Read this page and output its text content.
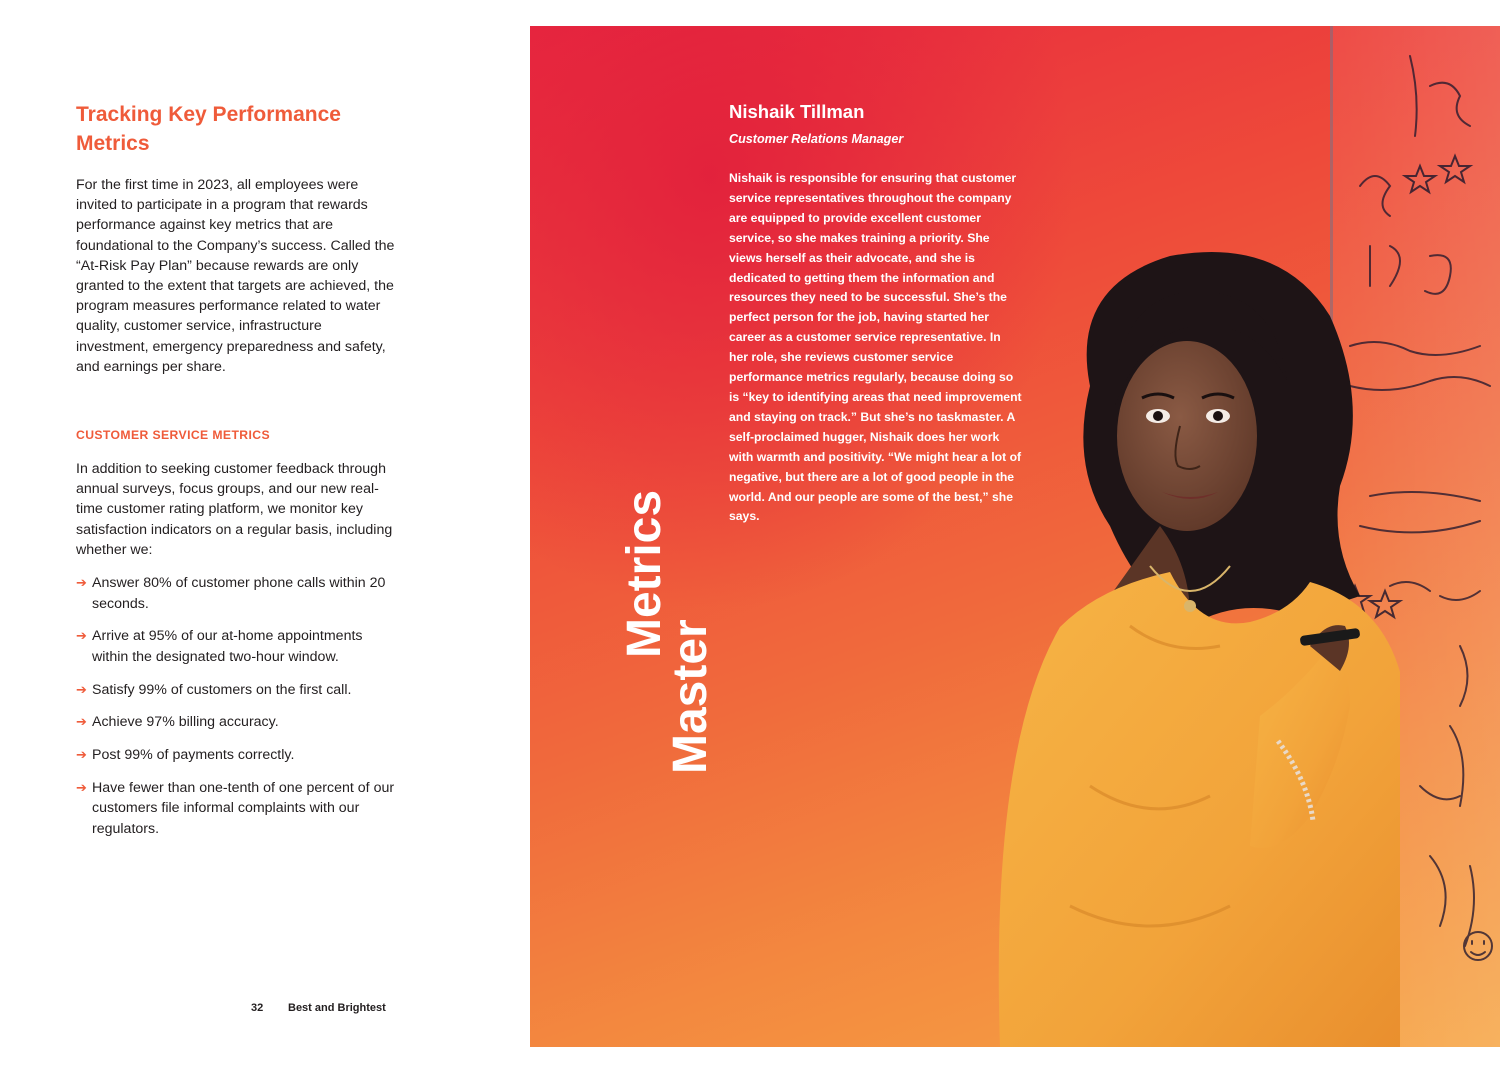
Tracking Key Performance Metrics

For the first time in 2023, all employees were invited to participate in a program that rewards performance against key metrics that are foundational to the Company’s success. Called the “At-Risk Pay Plan” because rewards are only granted to the extent that targets are achieved, the program measures performance related to water quality, customer service, infrastructure investment, emergency preparedness and safety, and earnings per share.

CUSTOMER SERVICE METRICS

In addition to seeking customer feedback through annual surveys, focus groups, and our new real-time customer rating platform, we monitor key satisfaction indicators on a regular basis, including whether we:

➔ Answer 80% of customer phone calls within 20 seconds.
➔ Arrive at 95% of our at-home appointments within the designated two-hour window.
➔ Satisfy 99% of customers on the first call.
➔ Achieve 97% billing accuracy.
➔ Post 99% of payments correctly.
➔ Have fewer than one-tenth of one percent of our customers file informal complaints with our regulators.
32 Best and Brightest
Master
Metrics
Nishaik Tillman

Customer Relations Manager

Nishaik is responsible for ensuring that customer service representatives throughout the company are equipped to provide excellent customer service, so she makes training a priority. She views herself as their advocate, and she is dedicated to getting them the information and resources they need to be successful. She’s the perfect person for the job, having started her career as a customer service representative. In her role, she reviews customer service performance metrics regularly, because doing so is “key to identifying areas that need improvement and staying on track.” But she’s no taskmaster. A self-proclaimed hugger, Nishaik does her work with warmth and positivity. “We might hear a lot of negative, but there are a lot of good people in the world. And our people are some of the best,” she says.
